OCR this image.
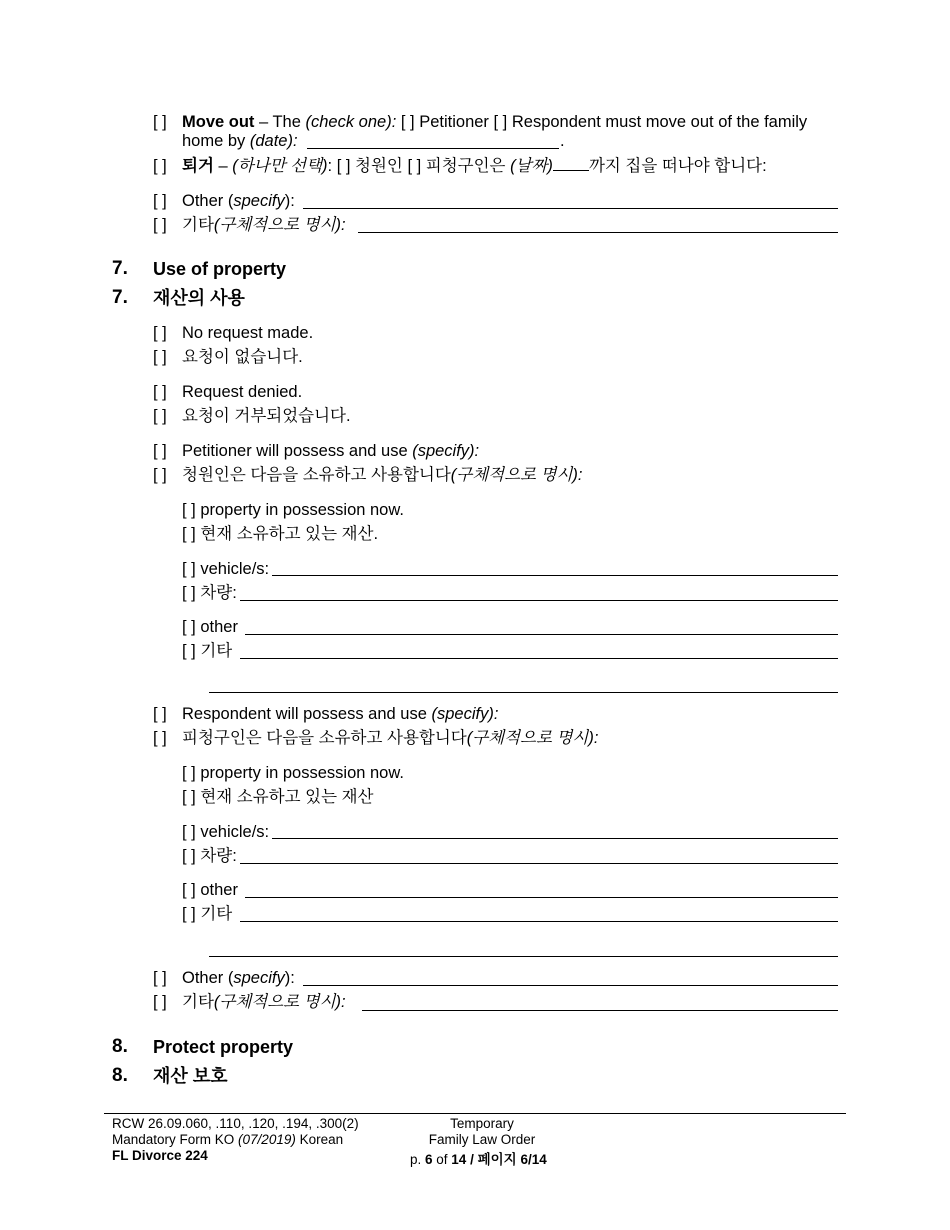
[ ] Move out – The (check one): [ ] Petitioner [ ] Respondent must move out of the family
home by (date):	.
[ ] 퇴거 – (하나만 선택): [ ] 청원인 [ ] 피청구인은 (날짜) 까지 집을 떠나야 합니다:
[ ] Other (specify):
[ ] 기타(구체적으로 명시):
7. Use of property
7. 재산의 사용
[ ] No request made.
[ ] 요청이 없습니다.
[ ] Request denied.
[ ] 요청이 거부되었습니다.
[ ] Petitioner will possess and use (specify):
[ ] 청원인은 다음을 소유하고 사용합니다(구체적으로 명시):
[ ] property in possession now.
[ ] 현재 소유하고 있는 재산.
[ ] vehicle/s:
[ ] 차량:
[ ] other
[ ] 기타
[ ] Respondent will possess and use (specify):
[ ] 피청구인은 다음을 소유하고 사용합니다(구체적으로 명시):
[ ] property in possession now.
[ ] 현재 소유하고 있는 재산
[ ] vehicle/s:
[ ] 차량:
[ ] other
[ ] 기타
[ ] Other (specify):
[ ] 기타(구체적으로 명시):
8. Protect property
8. 재산 보호
RCW 26.09.060, .110, .120, .194, .300(2)
Mandatory Form KO (07/2019) Korean
FL Divorce 224
Temporary
Family Law Order
p. 6 of 14 / 페이지 6/14
